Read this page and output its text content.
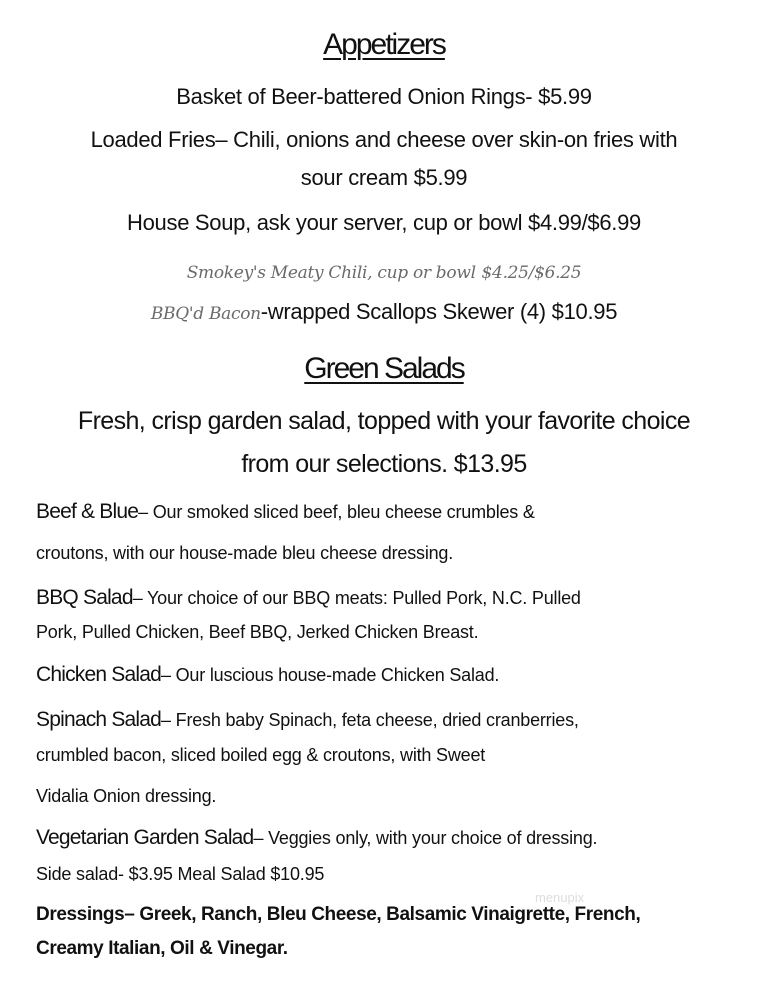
Appetizers
Basket of Beer-battered Onion Rings- $5.99
Loaded Fries– Chili, onions and cheese over skin-on fries with
sour cream $5.99
House Soup, ask your server, cup or bowl $4.99/$6.99
Smokey's Meaty Chili, cup or bowl $4.25/$6.25
BBQ'd Bacon-wrapped Scallops Skewer (4) $10.95
Green Salads
Fresh, crisp garden salad, topped with your favorite choice
from our selections. $13.95
Beef & Blue– Our smoked sliced beef, bleu cheese crumbles &
croutons, with our house-made bleu cheese dressing.
BBQ Salad– Your choice of our BBQ meats: Pulled Pork, N.C. Pulled
Pork, Pulled Chicken, Beef BBQ, Jerked Chicken Breast.
Chicken Salad– Our luscious house-made Chicken Salad.
Spinach Salad– Fresh baby Spinach, feta cheese, dried cranberries,
crumbled bacon, sliced boiled egg & croutons, with Sweet
Vidalia Onion dressing.
Vegetarian Garden Salad– Veggies only, with your choice of dressing.
Side salad- $3.95 Meal Salad $10.95
Dressings– Greek, Ranch, Bleu Cheese, Balsamic Vinaigrette, French,
Creamy Italian, Oil & Vinegar.
menupix
